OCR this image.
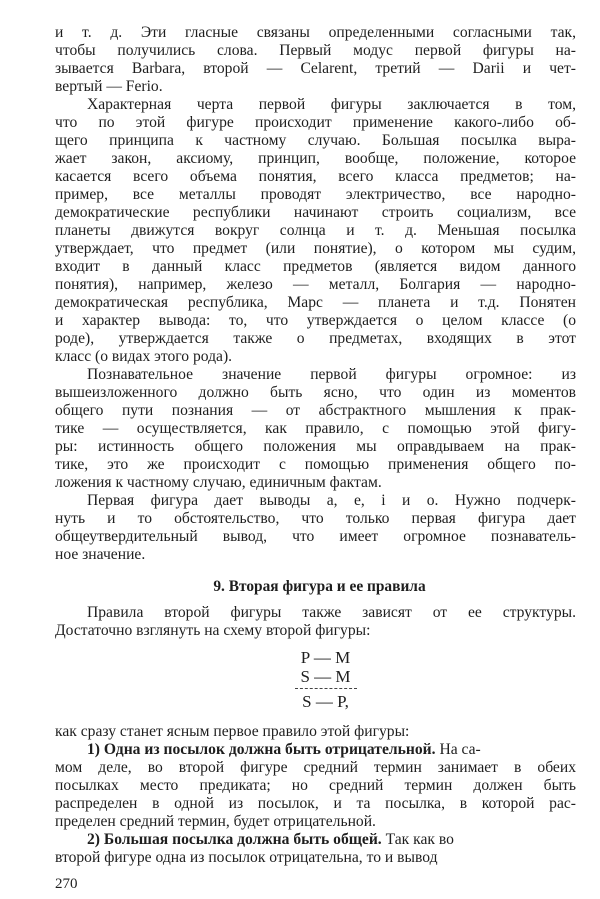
и т. д. Эти гласные связаны определенными согласными так,
чтобы получились слова. Первый модус первой фигуры на-
зывается Barbara, второй — Celarent, третий — Darii и чет-
вертый — Ferio.
Характерная черта первой фигуры заключается в том,
что по этой фигуре происходит применение какого-либо об-
щего принципа к частному случаю. Большая посылка выра-
жает закон, аксиому, принцип, вообще, положение, которое
касается всего объема понятия, всего класса предметов; на-
пример, все металлы проводят электричество, все народно-
демократические республики начинают строить социализм, все
планеты движутся вокруг солнца и т. д. Меньшая посылка
утверждает, что предмет (или понятие), о котором мы судим,
входит в данный класс предметов (является видом данного
понятия), например, железо — металл, Болгария — народно-
демократическая республика, Марс — планета и т.д. Понятен
и характер вывода: то, что утверждается о целом классе (о
роде), утверждается также о предметах, входящих в этот
класс (о видах этого рода).
Познавательное значение первой фигуры огромное: из
вышеизложенного должно быть ясно, что один из моментов
общего пути познания — от абстрактного мышления к прак-
тике — осуществляется, как правило, с помощью этой фигу-
ры: истинность общего положения мы оправдываем на прак-
тике, это же происходит с помощью применения общего по-
ложения к частному случаю, единичным фактам.
Первая фигура дает выводы а, е, i и о. Нужно подчерк-
нуть и то обстоятельство, что только первая фигура дает
общеутвердительный вывод, что имеет огромное познаватель-
ное значение.
9. Вторая фигура и ее правила
Правила второй фигуры также зависят от ее структуры.
Достаточно взглянуть на схему второй фигуры:
P — M
S — M
S — P,
как сразу станет ясным первое правило этой фигуры:
1) Одна из посылок должна быть отрицательной. На са-
мом деле, во второй фигуре средний термин занимает в обеих
посылках место предиката; но средний термин должен быть
распределен в одной из посылок, и та посылка, в которой рас-
пределен средний термин, будет отрицательной.
2) Большая посылка должна быть общей. Так как во
второй фигуре одна из посылок отрицательна, то и вывод
270
